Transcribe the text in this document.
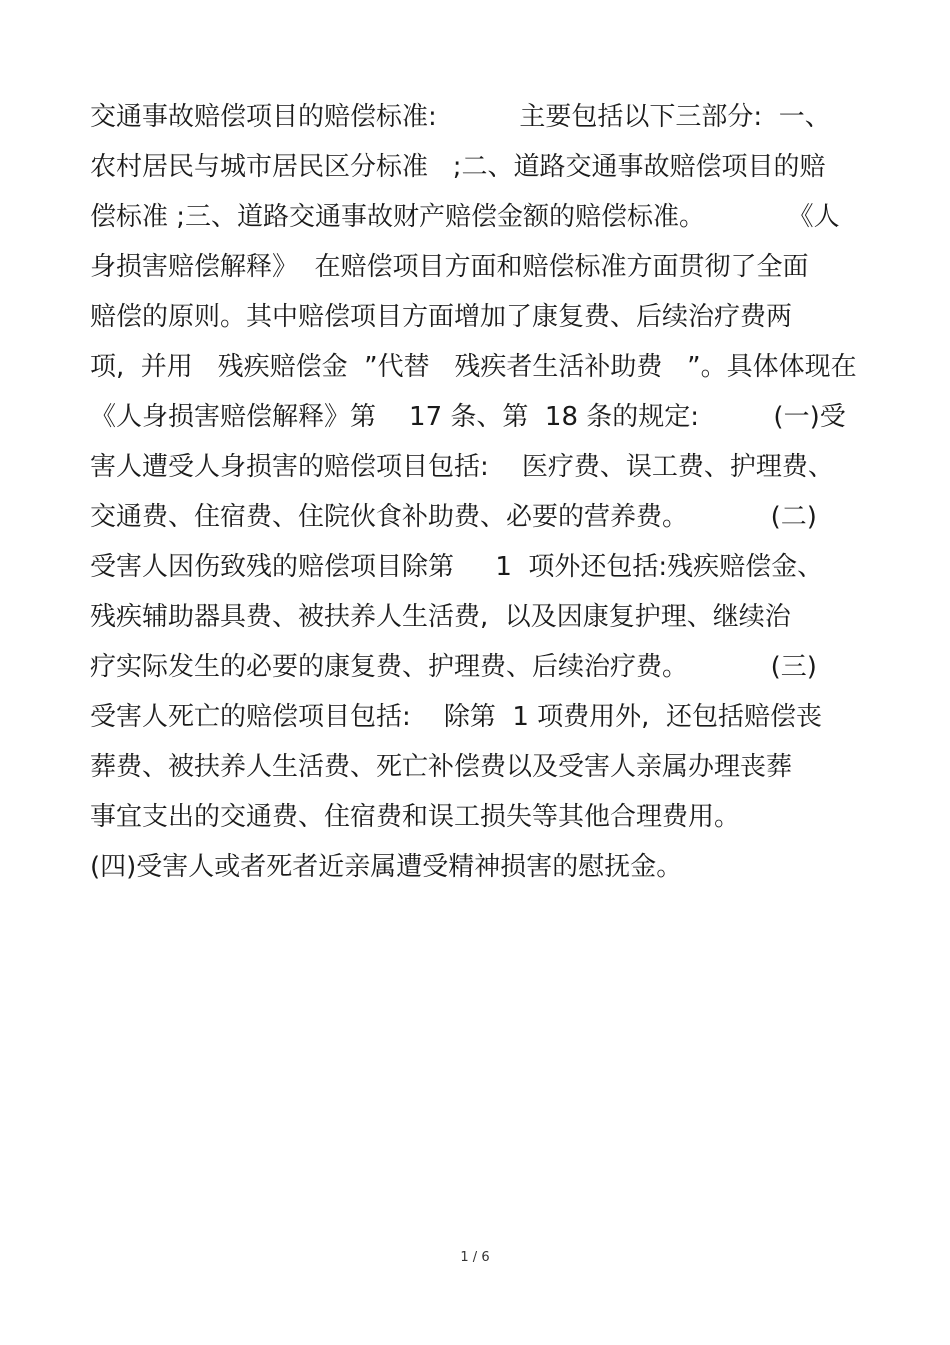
交通事故赔偿项目的赔偿标准:          主要包括以下三部分:  一、
农村居民与城市居民区分标准   ;二、道路交通事故赔偿项目的赔
偿标准 ;三、道路交通事故财产赔偿金额的赔偿标准。          《人
身损害赔偿解释》  在赔偿项目方面和赔偿标准方面贯彻了全面
赔偿的原则。其中赔偿项目方面增加了康复费、后续治疗费两
项,  并用   残疾赔偿金  ”代替   残疾者生活补助费   ”。具体体现在
《人身损害赔偿解释》第    17 条、第  18 条的规定:         (一)受
害人遭受人身损害的赔偿项目包括:    医疗费、误工费、护理费、
交通费、住宿费、住院伙食补助费、必要的营养费。          (二)
受害人因伤致残的赔偿项目除第     1  项外还包括:残疾赔偿金、
残疾辅助器具费、被扶养人生活费,  以及因康复护理、继续治
疗实际发生的必要的康复费、护理费、后续治疗费。          (三)
受害人死亡的赔偿项目包括:    除第  1 项费用外,  还包括赔偿丧
葬费、被扶养人生活费、死亡补偿费以及受害人亲属办理丧葬
事宜支出的交通费、住宿费和误工损失等其他合理费用。
(四)受害人或者死者近亲属遭受精神损害的慰抚金。
1 / 6
